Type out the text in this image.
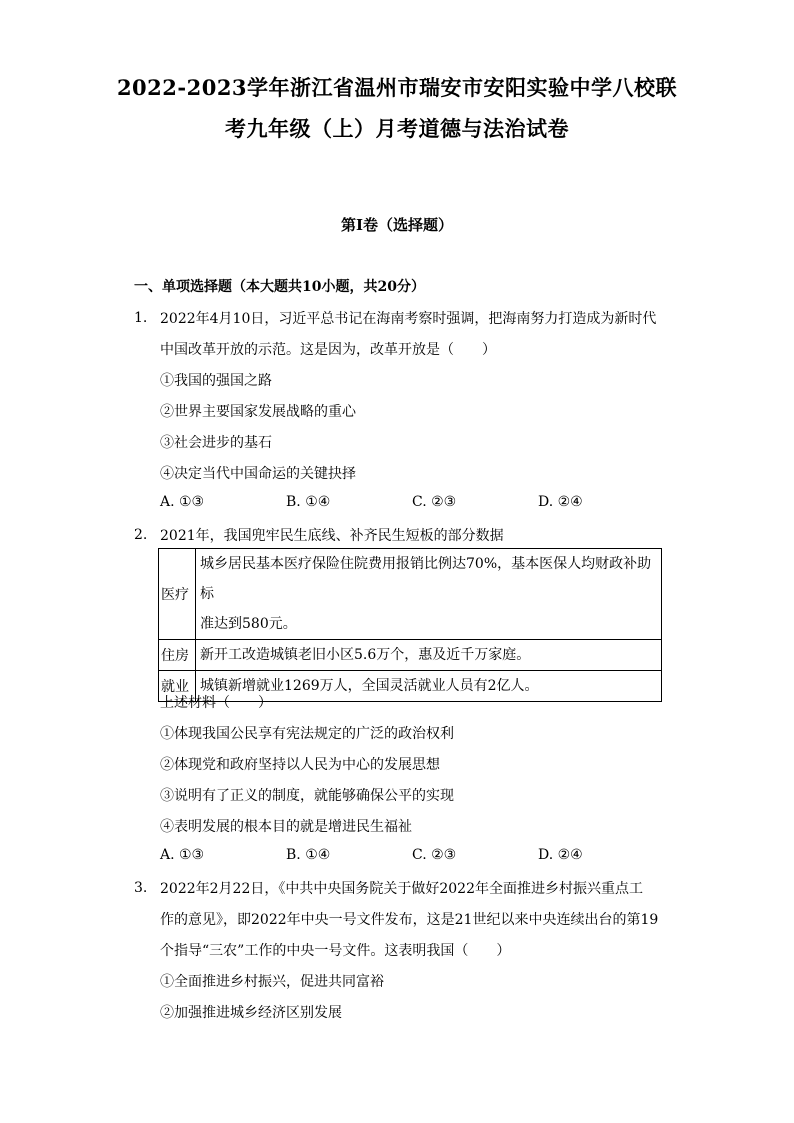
2022-2023学年浙江省温州市瑞安市安阳实验中学八校联
考九年级（上）月考道德与法治试卷
第I卷（选择题）
一、单项选择题（本大题共10小题，共20分）
1. 2022年4月10日，习近平总书记在海南考察时强调，把海南努力打造成为新时代
中国改革开放的示范。这是因为，改革开放是（　　）
①我国的强国之路
②世界主要国家发展战略的重心
③社会进步的基石
④决定当代中国命运的关键抉择
A. ①③	B. ①④	C. ②③	D. ②④
2. 2021年，我国兜牢民生底线、补齐民生短板的部分数据
医疗	城乡居民基本医疗保险住院费用报销比例达70%，基本医保人均财政补助标
准达到580元。

住房	新开工改造城镇老旧小区5.6万个，惠及近千万家庭。

就业	城镇新增就业1269万人，全国灵活就业人员有2亿人。
上述材料（　　）
①体现我国公民享有宪法规定的广泛的政治权利
②体现党和政府坚持以人民为中心的发展思想
③说明有了正义的制度，就能够确保公平的实现
④表明发展的根本目的就是增进民生福祉
A. ①③	B. ①④	C. ②③	D. ②④
3. 2022年2月22日，《中共中央国务院关于做好2022年全面推进乡村振兴重点工
作的意见》，即2022年中央一号文件发布，这是21世纪以来中央连续出台的第19
个指导“三农”工作的中央一号文件。这表明我国（　　）
①全面推进乡村振兴，促进共同富裕
②加强推进城乡经济区别发展
